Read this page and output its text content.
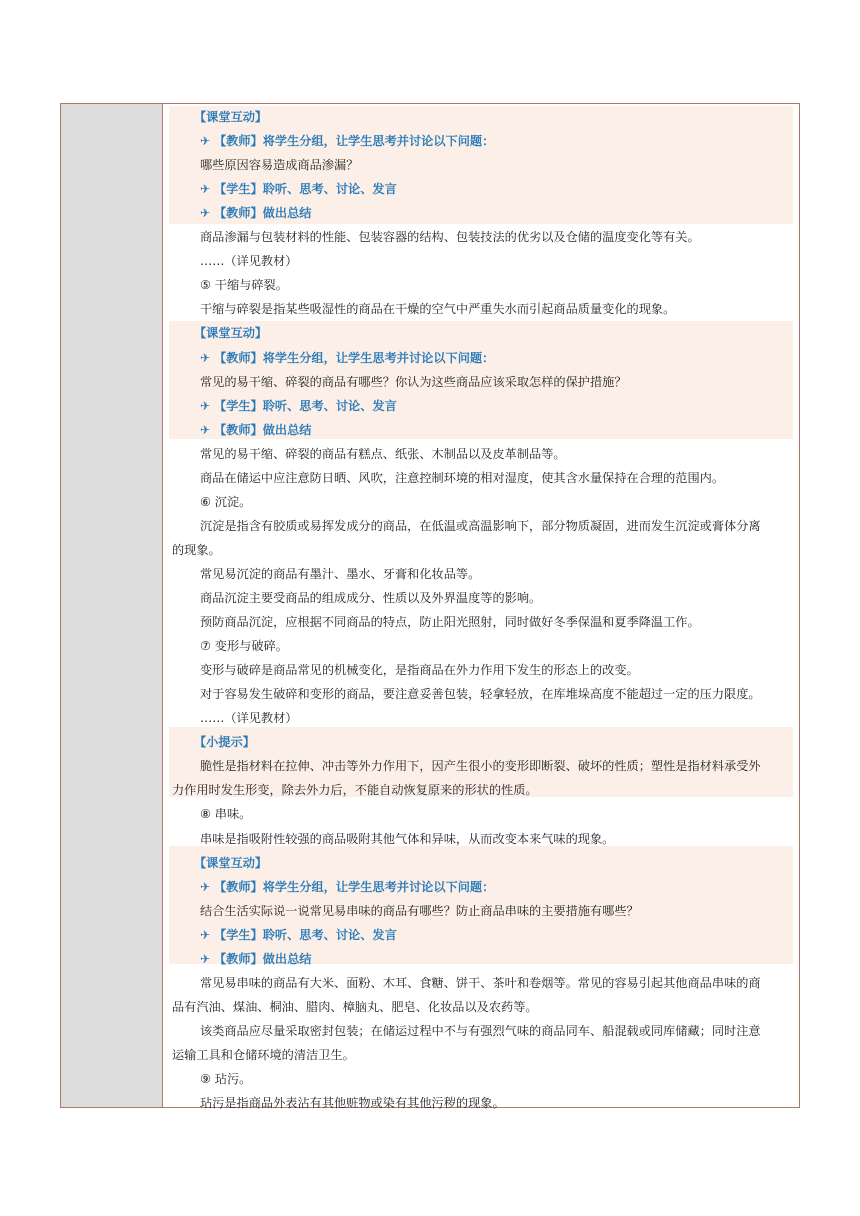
【课堂互动】
✈ 【教师】将学生分组，让学生思考并讨论以下问题：
哪些原因容易造成商品渗漏？
✈ 【学生】聆听、思考、讨论、发言
✈ 【教师】做出总结
商品渗漏与包装材料的性能、包装容器的结构、包装技法的优劣以及仓储的温度变化等有关。
……（详见教材）
⑤ 干缩与碎裂。
干缩与碎裂是指某些吸湿性的商品在干燥的空气中严重失水而引起商品质量变化的现象。
【课堂互动】
✈ 【教师】将学生分组，让学生思考并讨论以下问题：
常见的易干缩、碎裂的商品有哪些？你认为这些商品应该采取怎样的保护措施？
✈ 【学生】聆听、思考、讨论、发言
✈ 【教师】做出总结
常见的易干缩、碎裂的商品有糕点、纸张、木制品以及皮革制品等。
商品在储运中应注意防日晒、风吹，注意控制环境的相对湿度，使其含水量保持在合理的范围内。
⑥ 沉淀。
沉淀是指含有胶质或易挥发成分的商品，在低温或高温影响下，部分物质凝固，进而发生沉淀或膏体分离
的现象。
常见易沉淀的商品有墨汁、墨水、牙膏和化妆品等。
商品沉淀主要受商品的组成成分、性质以及外界温度等的影响。
预防商品沉淀，应根据不同商品的特点，防止阳光照射，同时做好冬季保温和夏季降温工作。
⑦ 变形与破碎。
变形与破碎是商品常见的机械变化，是指商品在外力作用下发生的形态上的改变。
对于容易发生破碎和变形的商品，要注意妥善包装，轻拿轻放，在库堆垛高度不能超过一定的压力限度。
……（详见教材）
【小提示】
脆性是指材料在拉伸、冲击等外力作用下，因产生很小的变形即断裂、破坏的性质；塑性是指材料承受外
力作用时发生形变，除去外力后，不能自动恢复原来的形状的性质。
⑧ 串味。
串味是指吸附性较强的商品吸附其他气体和异味，从而改变本来气味的现象。
【课堂互动】
✈ 【教师】将学生分组，让学生思考并讨论以下问题：
结合生活实际说一说常见易串味的商品有哪些？防止商品串味的主要措施有哪些？
✈ 【学生】聆听、思考、讨论、发言
✈ 【教师】做出总结
常见易串味的商品有大米、面粉、木耳、食糖、饼干、茶叶和卷烟等。常见的容易引起其他商品串味的商
品有汽油、煤油、桐油、腊肉、樟脑丸、肥皂、化妆品以及农药等。
该类商品应尽量采取密封包装；在储运过程中不与有强烈气味的商品同车、船混载或同库储藏；同时注意
运输工具和仓储环境的清洁卫生。
⑨ 玷污。
玷污是指商品外表沾有其他赃物或染有其他污秽的现象。
